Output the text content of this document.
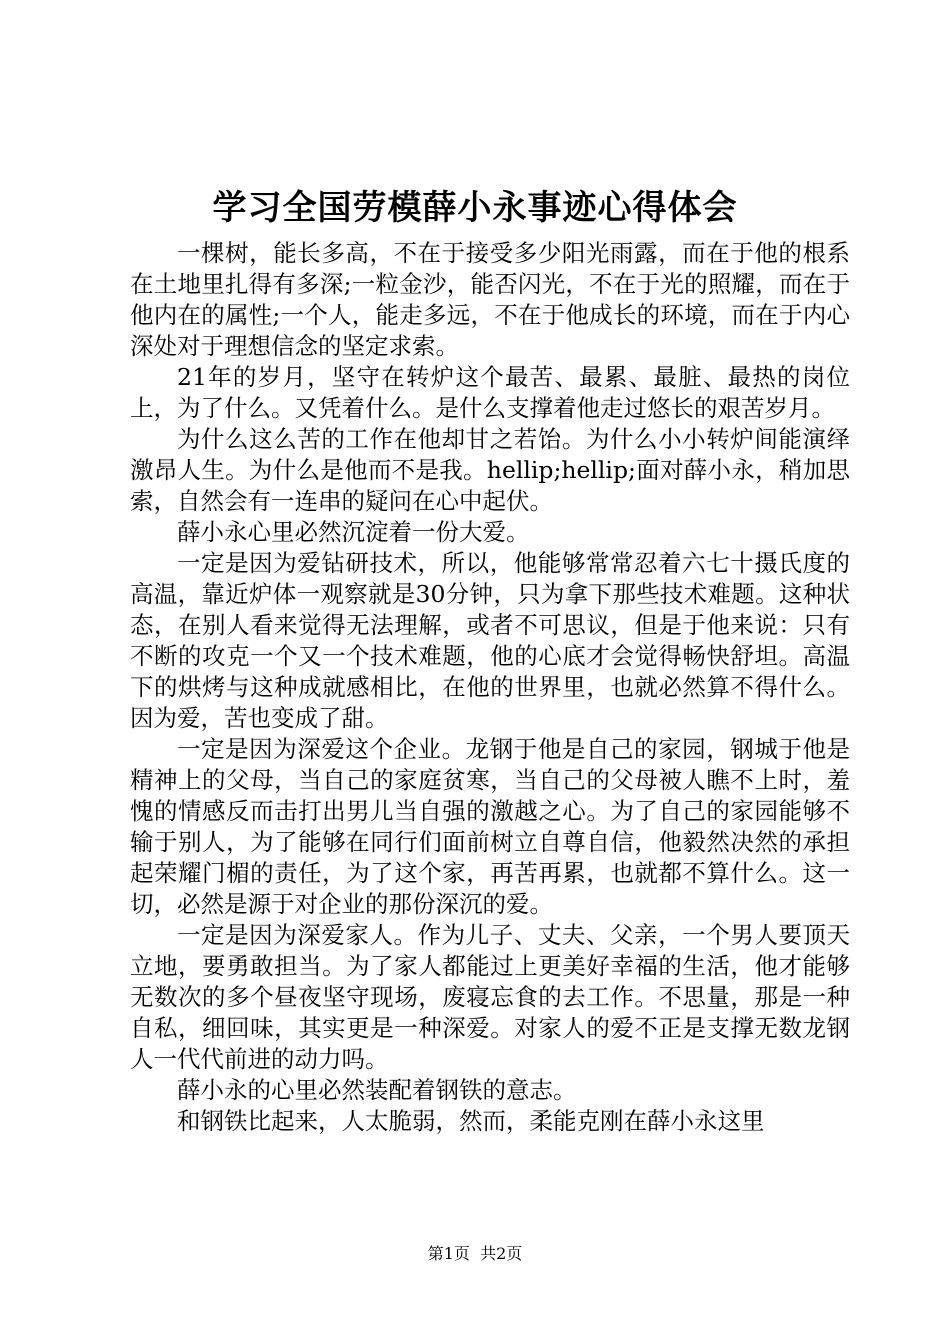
学习全国劳模薛小永事迹心得体会

一棵树，能长多高，不在于接受多少阳光雨露，而在于他的根系在土地里扎得有多深;一粒金沙，能否闪光，不在于光的照耀，而在于他内在的属性;一个人，能走多远，不在于他成长的环境，而在于内心深处对于理想信念的坚定求索。

21年的岁月，坚守在转炉这个最苦、最累、最脏、最热的岗位上，为了什么。又凭着什么。是什么支撑着他走过悠长的艰苦岁月。

为什么这么苦的工作在他却甘之若饴。为什么小小转炉间能演绎激昂人生。为什么是他而不是我。hellip;hellip;面对薛小永，稍加思索，自然会有一连串的疑问在心中起伏。

薛小永心里必然沉淀着一份大爱。

一定是因为爱钻研技术，所以，他能够常常忍着六七十摄氏度的高温，靠近炉体一观察就是30分钟，只为拿下那些技术难题。这种状态，在别人看来觉得无法理解，或者不可思议，但是于他来说：只有不断的攻克一个又一个技术难题，他的心底才会觉得畅快舒坦。高温下的烘烤与这种成就感相比，在他的世界里，也就必然算不得什么。因为爱，苦也变成了甜。

一定是因为深爱这个企业。龙钢于他是自己的家园，钢城于他是精神上的父母，当自己的家庭贫寒，当自己的父母被人瞧不上时，羞愧的情感反而击打出男儿当自强的激越之心。为了自己的家园能够不输于别人，为了能够在同行们面前树立自尊自信，他毅然决然的承担起荣耀门楣的责任，为了这个家，再苦再累，也就都不算什么。这一切，必然是源于对企业的那份深沉的爱。

一定是因为深爱家人。作为儿子、丈夫、父亲，一个男人要顶天立地，要勇敢担当。为了家人都能过上更美好幸福的生活，他才能够无数次的多个昼夜坚守现场，废寝忘食的去工作。不思量，那是一种自私，细回味，其实更是一种深爱。对家人的爱不正是支撑无数龙钢人一代代前进的动力吗。

薛小永的心里必然装配着钢铁的意志。

和钢铁比起来，人太脆弱，然而，柔能克刚在薛小永这里

第1页  共2页
